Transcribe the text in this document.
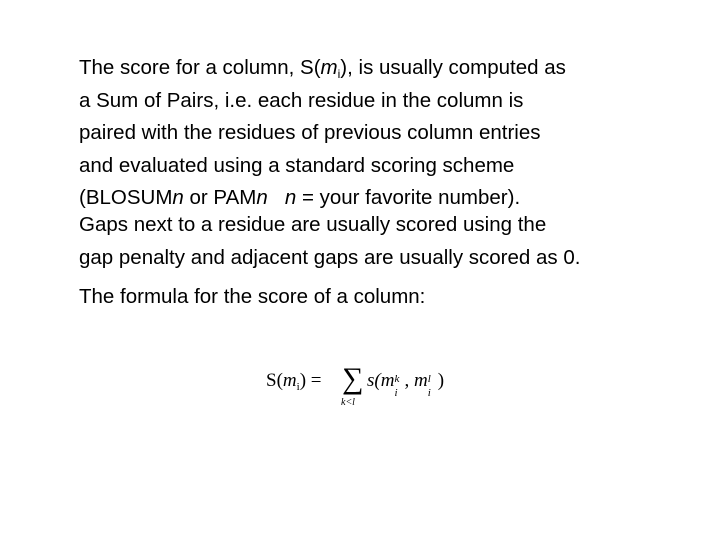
The score for a column, $S(m_i)$, is usually computed as
a Sum of Pairs, i.e. each residue in the column is
paired with the residues of previous column entries
and evaluated using a standard scoring scheme
(BLOSUMn or PAMn n = your favorite number).

Gaps next to a residue are usually scored using the
gap penalty and adjacent gaps are usually scored as 0.

The formula for the score of a column:

$S(m_i)$ = ∑
k<l
s(m k
i
, m l
i
)
